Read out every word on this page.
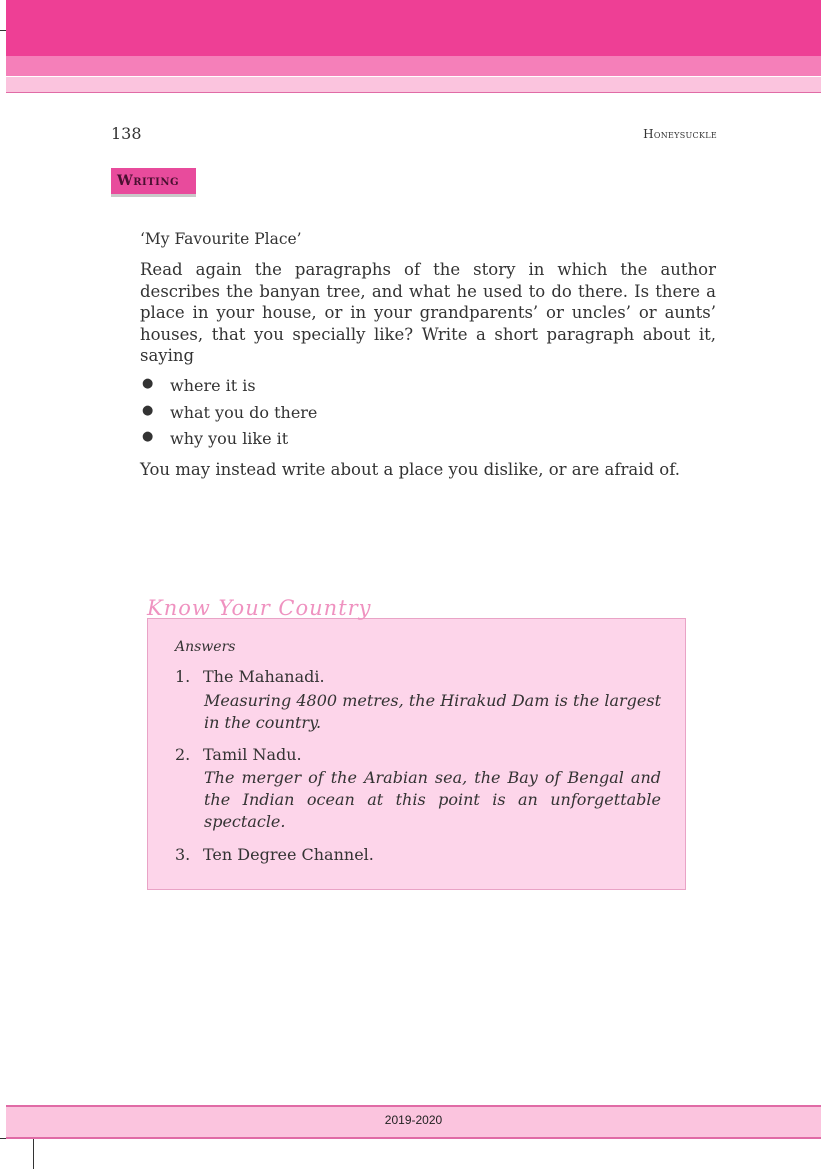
138	Honeysuckle
Writing
‘My Favourite Place’

Read again the paragraphs of the story in which the author describes the banyan tree, and what he used to do there. Is there a place in your house, or in your grandparents’ or uncles’ or aunts’ houses, that you specially like? Write a short paragraph about it, saying

● where it is
● what you do there
● why you like it
You may instead write about a place you dislike, or are afraid of.
Answers
1. The Mahanadi.

Measuring 4800 metres, the Hirakud Dam is the largest in the country.

2. Tamil Nadu.

The merger of the Arabian sea, the Bay of Bengal and the Indian ocean at this point is an unforgettable spectacle.

3. Ten Degree Channel.
Know Your Country
2019-2020
